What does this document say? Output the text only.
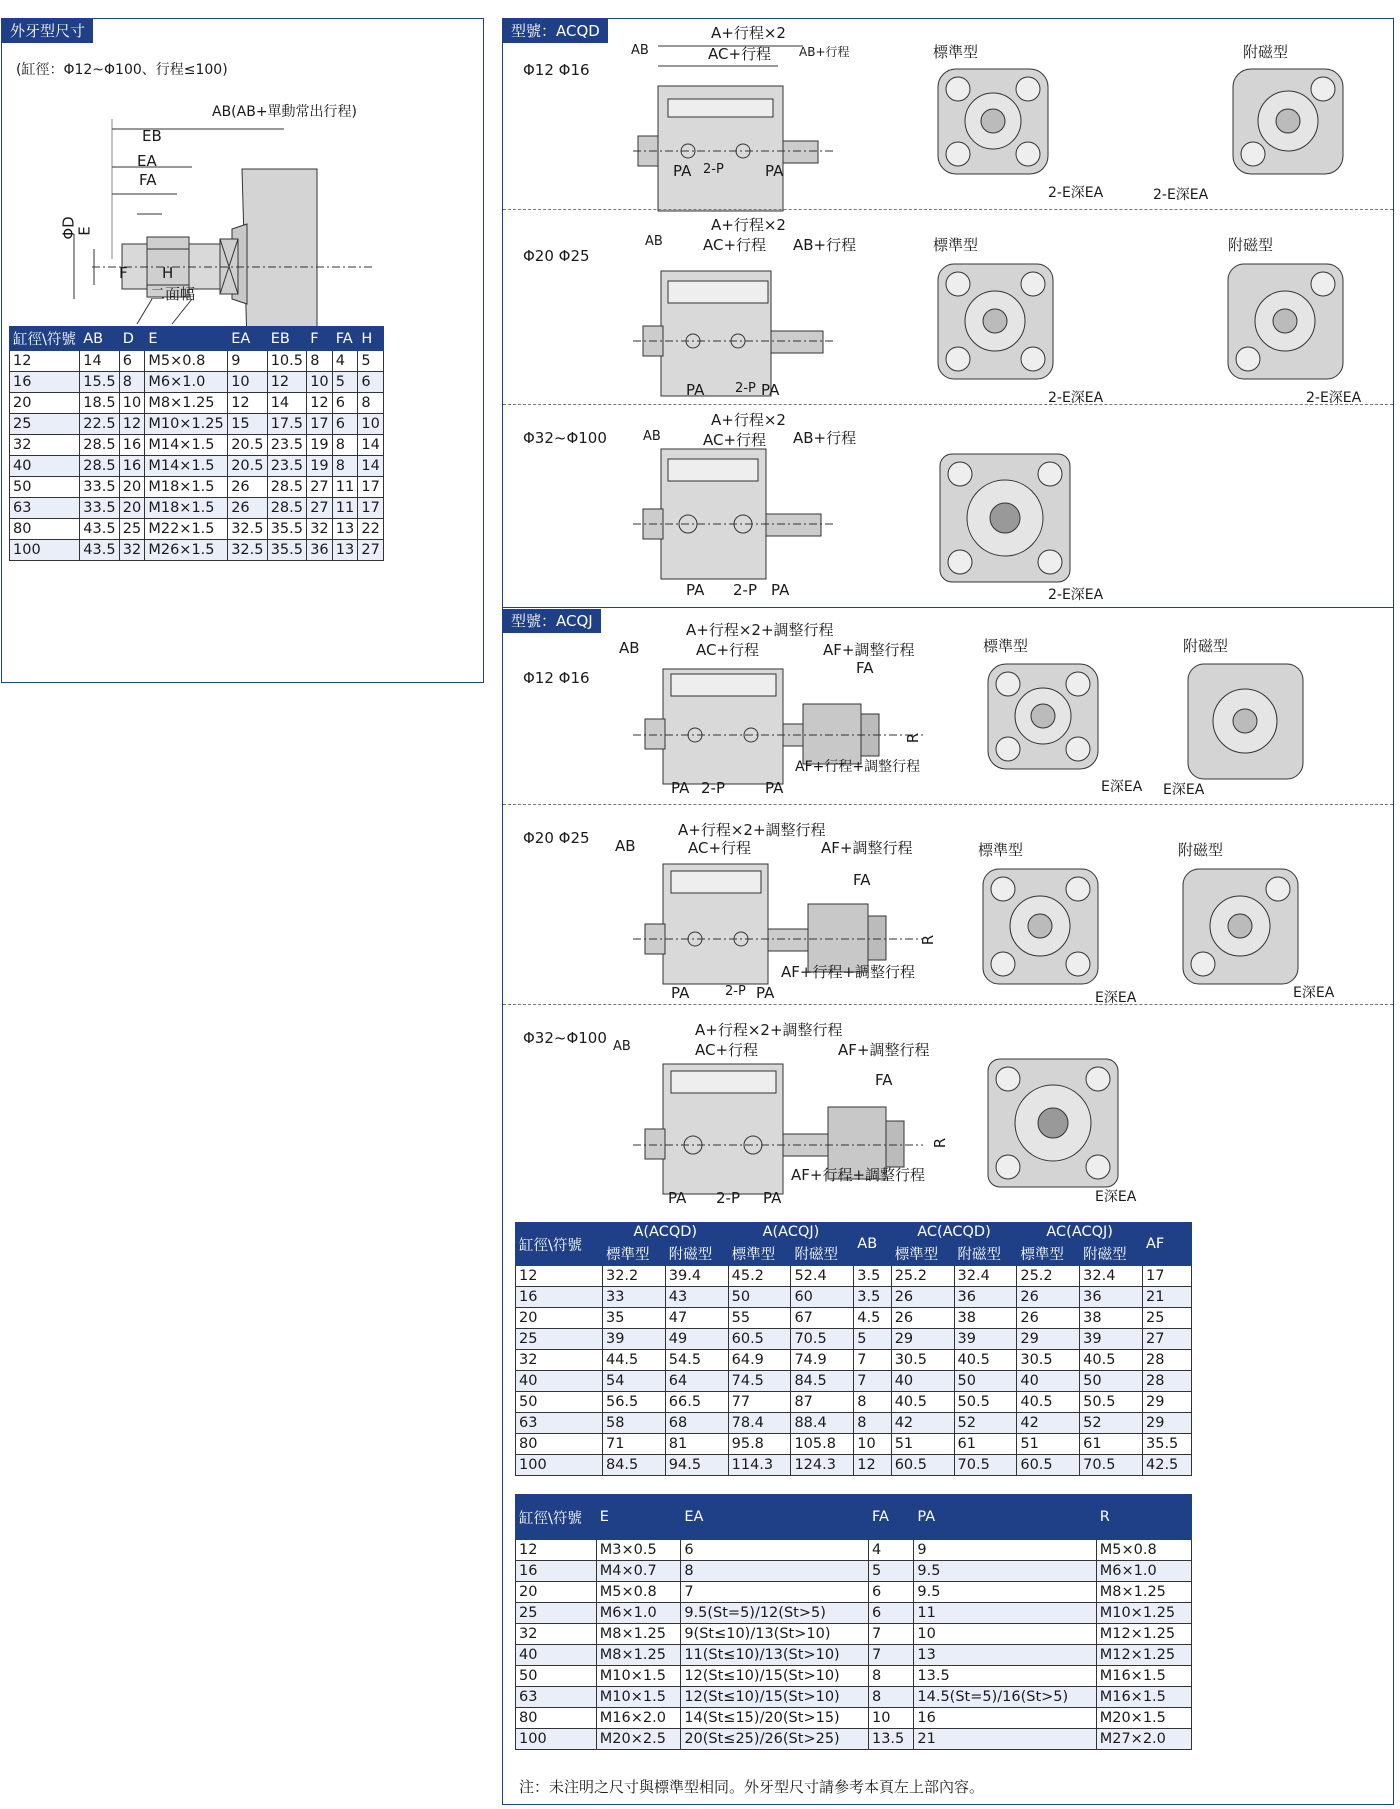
外牙型尺寸
(缸徑：Φ12~Φ100、行程≤100)
AB(AB+單動常出行程)
EB
EA
FA
ΦD
E
F H
二面幅
缸徑\符號	AB	D	E	EA	EB	F	FA	H
12	14	6	M5×0.8	9	10.5	8	4	5
16	15.5	8	M6×1.0	10	12	10	5	6
20	18.5	10	M8×1.25	12	14	12	6	8
25	22.5	12	M10×1.25	15	17.5	17	6	10
32	28.5	16	M14×1.5	20.5	23.5	19	8	14
40	28.5	16	M14×1.5	20.5	23.5	19	8	14
50	33.5	20	M18×1.5	26	28.5	27	11	17
63	33.5	20	M18×1.5	26	28.5	27	11	17
80	43.5	25	M22×1.5	32.5	35.5	32	13	22
100	43.5	32	M26×1.5	32.5	35.5	36	13	27
型號：ACQD
Φ12 Φ16
A+行程×2
AC+行程
AB	AB+行程
PA 2-P	PA
標準型	附磁型
2-E深EA	2-E深EA
Φ20 Φ25
A+行程×2
AC+行程
AB	AB+行程
PA 2-P PA
標準型	附磁型
2-E深EA	2-E深EA
Φ32~Φ100
A+行程×2
AC+行程
AB	AB+行程
PA 2-P PA	2-E深EA
型號：ACQJ
Φ12 Φ16
A+行程×2+調整行程
AC+行程
AB	AF+調整行程
FA
R
AF+行程+調整行程
PA 2-P	PA
標準型	附磁型
E深EA E深EA
Φ20 Φ25	A+行程×2+調整行程
AC+行程
AB	AF+調整行程
FA
R
AF+行程+調整行程
PA	2-P PA
標準型	附磁型
E深EA	E深EA
Φ32~Φ100	A+行程×2+調整行程
AC+行程
AB	AF+調整行程
FA
R
AF+行程+調整行程
PA 2-P PA	E深EA
缸徑\符號	A(ACQD)		A(ACQJ)		AB	AC(ACQD)		AC(ACQJ)		AF
	標準型	附磁型	標準型	附磁型		標準型	附磁型	標準型	附磁型	
12	32.2	39.4	45.2	52.4	3.5	25.2	32.4	25.2	32.4	17
16	33	43	50	60	3.5	26	36	26	36	21
20	35	47	55	67	4.5	26	38	26	38	25
25	39	49	60.5	70.5	5	29	39	29	39	27
32	44.5	54.5	64.9	74.9	7	30.5	40.5	30.5	40.5	28
40	54	64	74.5	84.5	7	40	50	40	50	28
50	56.5	66.5	77	87	8	40.5	50.5	40.5	50.5	29
63	58	68	78.4	88.4	8	42	52	42	52	29
80	71	81	95.8	105.8	10	51	61	51	61	35.5
100	84.5	94.5	114.3	124.3	12	60.5	70.5	60.5	70.5	42.5
缸徑\符號	E	EA	FA	PA	R
12	M3×0.5	6	4	9	M5×0.8
16	M4×0.7	8	5	9.5	M6×1.0
20	M5×0.8	7	6	9.5	M8×1.25
25	M6×1.0	9.5(St=5)/12(St>5)	6	11	M10×1.25
32	M8×1.25	9(St≤10)/13(St>10)	7	10	M12×1.25
40	M8×1.25	11(St≤10)/13(St>10)	7	13	M12×1.25
50	M10×1.5	12(St≤10)/15(St>10)	8	13.5	M16×1.5
63	M10×1.5	12(St≤10)/15(St>10)	8	14.5(St=5)/16(St>5)	M16×1.5
80	M16×2.0	14(St≤15)/20(St>15)	10	16	M20×1.5
100	M20×2.5	20(St≤25)/26(St>25)	13.5	21	M27×2.0
注：未注明之尺寸與標準型相同。外牙型尺寸請參考本頁左上部內容。
